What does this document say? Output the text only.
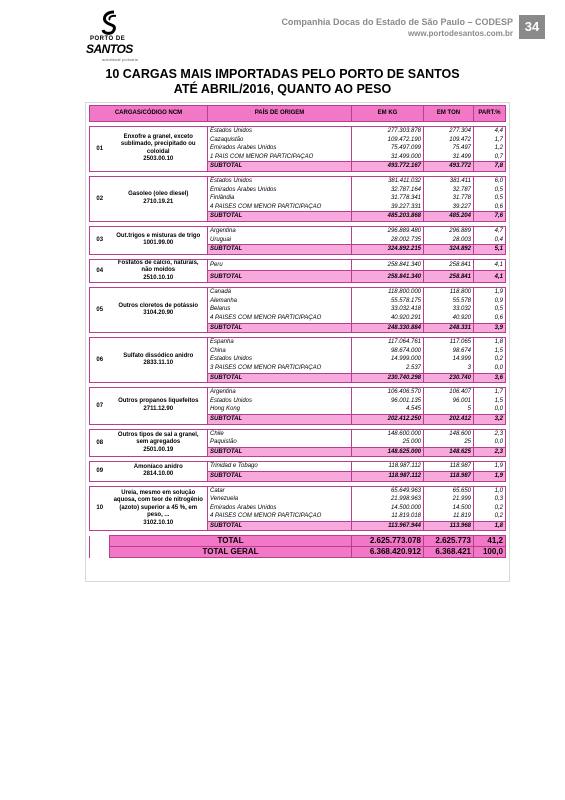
PORTO DE
SANTOS
autoridade portuária
Companhia Docas do Estado de São Paulo – CODESP
www.portodesantos.com.br 34
10 CARGAS MAIS IMPORTADAS PELO PORTO DE SANTOS
ATÉ ABRIL/2016, QUANTO AO PESO
CARGAS/CÓDIGO NCM		PAÍS DE ORIGEM	EM KG	EM TON	PART.%

01	Enxofre a granel, exceto sublimado, precipitado ou coloidal
2503.00.10	Estados Unidos	277.303.878	277.304	4,4
		Cazaquistão	109.472.190	109.472	1,7
		Emirados Árabes Unidos	75.497.099	75.497	1,2
		1 PAÍS COM MENOR PARTICIPAÇÃO	31.499.000	31.499	0,7
		SUBTOTAL	493.772.167	493.772	7,8

02	Gasoleo (oleo diesel)
2710.19.21	Estados Unidos	381.411.032	381.411	6,0
		Emirados Árabes Unidos	32.787.164	32.787	0,5
		Finlândia	31.778.341	31.778	0,5
		4 PAÍSES COM MENOR PARTICIPAÇÃO	39.227.331	39.227	0,6
		SUBTOTAL	485.203.868	485.204	7,6

03	Out.trigos e misturas de trigo
1001.99.00	Argentina	296.889.480	296.889	4,7
		Uruguai	28.002.735	28.003	0,4
		SUBTOTAL	324.892.215	324.892	5,1

04	Fosfatos de calcio, naturais, não moidos
2510.10.10	Peru	258.841.340	258.841	4,1
		SUBTOTAL	258.841.340	258.841	4,1

05	Outros cloretos de potássio
3104.20.90	Canadá	118.800.000	118.800	1,9
		Alemanha	55.578.175	55.578	0,9
		Belarus	33.032.418	33.032	0,5
		4 PAÍSES COM MENOR PARTICIPAÇÃO	40.920.291	40.920	0,6
		SUBTOTAL	248.330.884	248.331	3,9

06	Sulfato dissódico anidro
2833.11.10	Espanha	117.064.761	117.065	1,8
		China	98.674.000	98.674	1,5
		Estados Unidos	14.999.000	14.999	0,2
		3 PAÍSES COM MENOR PARTICIPAÇÃO	2.537	3	0,0
		SUBTOTAL	230.740.298	230.740	3,6

07	Outros propanos liquefeitos
2711.12.90	Argentina	106.406.570	106.407	1,7
		Estados Unidos	96.001.135	96.001	1,5
		Hong Kong	4.545	5	0,0
		SUBTOTAL	202.412.250	202.412	3,2

08	Outros tipos de sal a granel, sem agregados
2501.00.19	Chile	148.600.000	148.600	2,3
		Paquistão	25.000	25	0,0
		SUBTOTAL	148.625.000	148.625	2,3

09	Amoníaco anidro
2814.10.00	Trinidad e Tobago	118.987.112	118.987	1,9
		SUBTOTAL	118.987.112	118.987	1,9

10	Ureia, mesmo em solução aquosa, com teor de nitrogênio (azoto) superior a 45 %, em peso, ...
3102.10.10	Catar	65.649.963	65.650	1,0
		Venezuela	21.998.963	21.999	0,3
		Emirados Árabes Unidos	14.500.000	14.500	0,2
		4 PAÍSES COM MENOR PARTICIPAÇÃO	11.819.018	11.819	0,2
		SUBTOTAL	113.967.944	113.968	1,8

	TOTAL		2.625.773.078	2.625.773	41,2
	TOTAL GERAL		6.368.420.912	6.368.421	100,0
